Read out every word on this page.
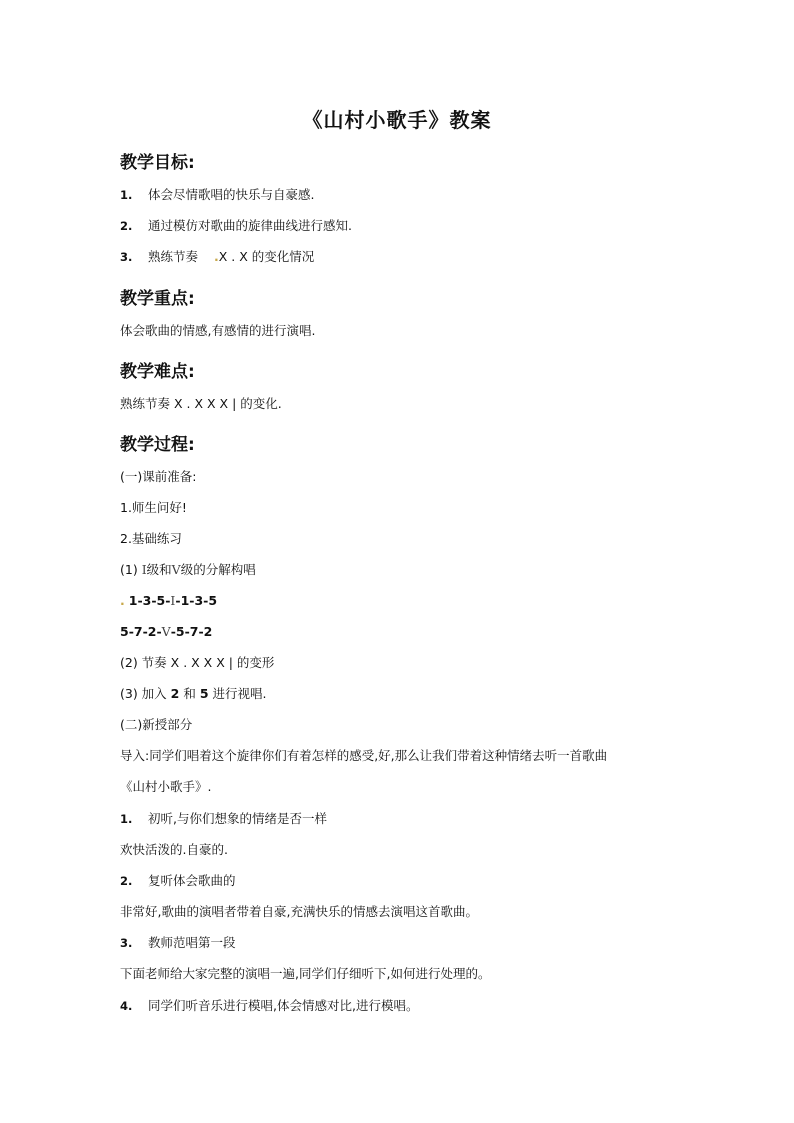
《山村小歌手》教案
教学目标:
1. 体会尽情歌唱的快乐与自豪感.
2. 通过模仿对歌曲的旋律曲线进行感知.
3. 熟练节奏 .X . X 的变化情况
教学重点:
体会歌曲的情感,有感情的进行演唱.
教学难点:
熟练节奏 X . X X X | 的变化.
教学过程:
(一)课前准备:
1.师生问好!
2.基础练习
(1) Ⅰ级和Ⅴ级的分解构唱
. 1-3-5-Ⅰ-1-3-5
5-7-2-Ⅴ-5-7-2
(2) 节奏 X . X X X | 的变形
(3) 加入 2 和 5 进行视唱.
(二)新授部分
导入:同学们唱着这个旋律你们有着怎样的感受,好,那么让我们带着这种情绪去听一首歌曲
《山村小歌手》.
1. 初听,与你们想象的情绪是否一样
欢快活泼的.自豪的.
2. 复听体会歌曲的
非常好,歌曲的演唱者带着自豪,充满快乐的情感去演唱这首歌曲。
3. 教师范唱第一段
下面老师给大家完整的演唱一遍,同学们仔细听下,如何进行处理的。
4. 同学们听音乐进行模唱,体会情感对比,进行模唱。
